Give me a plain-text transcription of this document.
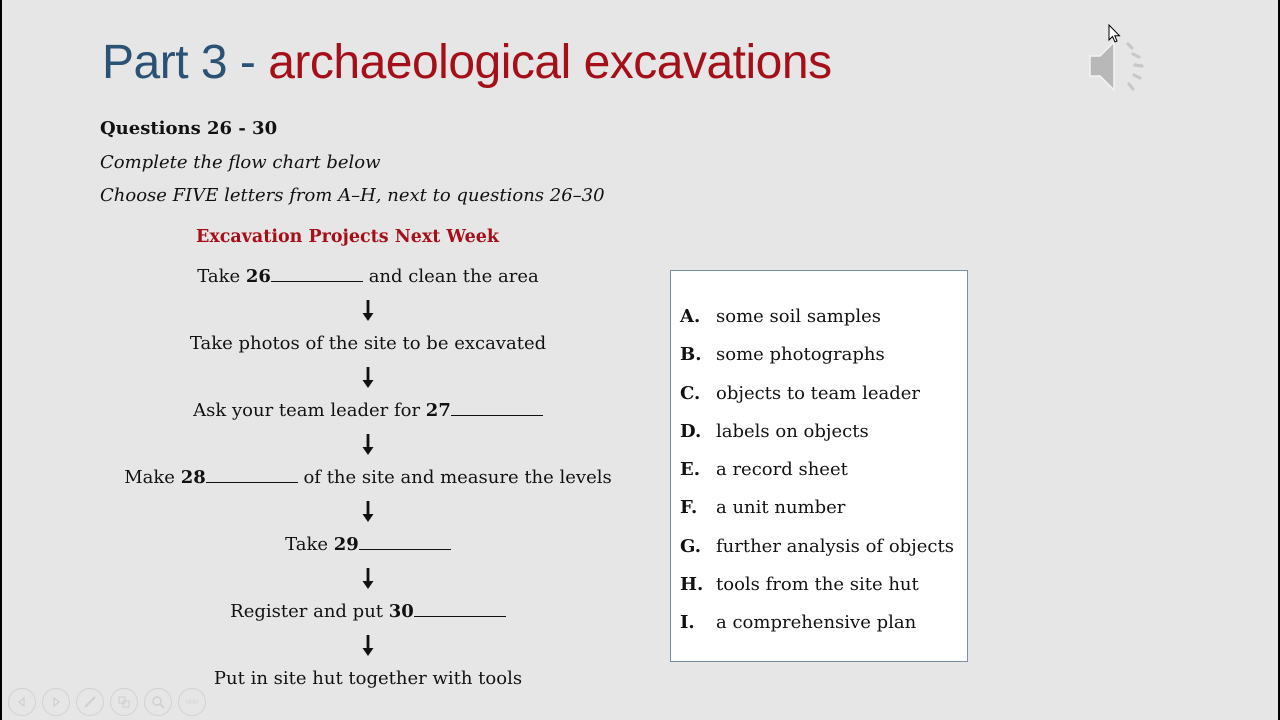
Part 3 - archaeological excavations
Questions 26 - 30
Complete the flow chart below
Choose FIVE letters from A–H, next to questions 26–30
Excavation Projects Next Week
Take 26	and clean the area
Take photos of the site to be excavated
Ask your team leader for 27
Make 28	of the site and measure the levels
Take 29
Register and put 30
Put in site hut together with tools
A. some soil samples
B. some photographs
C. objects to team leader
D. labels on objects
E. a record sheet
F. a unit number
G. further analysis of objects
H. tools from the site hut
I. a comprehensive plan
